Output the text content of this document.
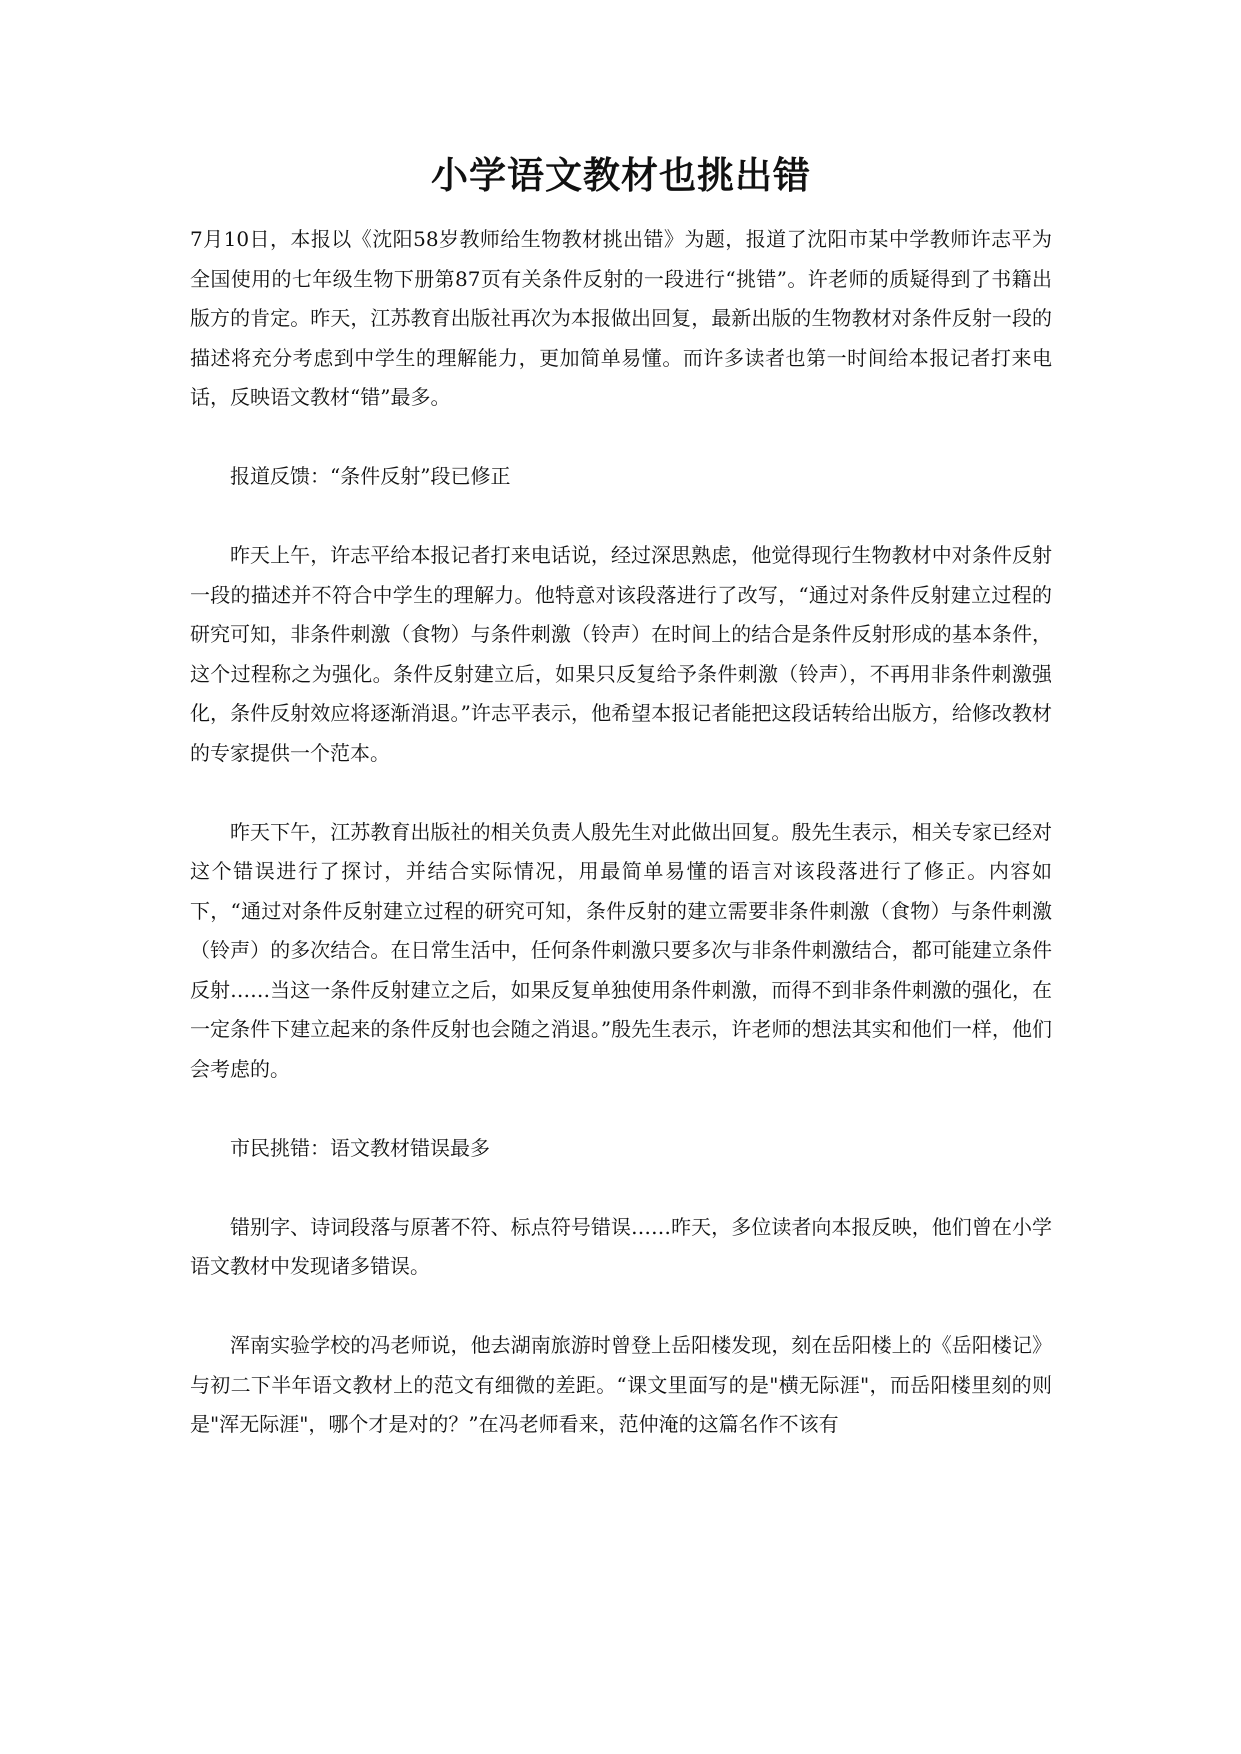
小学语文教材也挑出错

7月10日，本报以《沈阳58岁教师给生物教材挑出错》为题，报道了沈阳市某中学教师许志平为全国使用的七年级生物下册第87页有关条件反射的一段进行“挑错”。许老师的质疑得到了书籍出版方的肯定。昨天，江苏教育出版社再次为本报做出回复，最新出版的生物教材对条件反射一段的描述将充分考虑到中学生的理解能力，更加简单易懂。而许多读者也第一时间给本报记者打来电话，反映语文教材“错”最多。

报道反馈：“条件反射”段已修正

昨天上午，许志平给本报记者打来电话说，经过深思熟虑，他觉得现行生物教材中对条件反射一段的描述并不符合中学生的理解力。他特意对该段落进行了改写，“通过对条件反射建立过程的研究可知，非条件刺激（食物）与条件刺激（铃声）在时间上的结合是条件反射形成的基本条件，这个过程称之为强化。条件反射建立后，如果只反复给予条件刺激（铃声），不再用非条件刺激强化，条件反射效应将逐渐消退。”许志平表示，他希望本报记者能把这段话转给出版方，给修改教材的专家提供一个范本。

昨天下午，江苏教育出版社的相关负责人殷先生对此做出回复。殷先生表示，相关专家已经对这个错误进行了探讨，并结合实际情况，用最简单易懂的语言对该段落进行了修正。内容如下，“通过对条件反射建立过程的研究可知，条件反射的建立需要非条件刺激（食物）与条件刺激（铃声）的多次结合。在日常生活中，任何条件刺激只要多次与非条件刺激结合，都可能建立条件反射……当这一条件反射建立之后，如果反复单独使用条件刺激，而得不到非条件刺激的强化，在一定条件下建立起来的条件反射也会随之消退。”殷先生表示，许老师的想法其实和他们一样，他们会考虑的。

市民挑错：语文教材错误最多

错别字、诗词段落与原著不符、标点符号错误……昨天，多位读者向本报反映，他们曾在小学语文教材中发现诸多错误。

浑南实验学校的冯老师说，他去湖南旅游时曾登上岳阳楼发现，刻在岳阳楼上的《岳阳楼记》与初二下半年语文教材上的范文有细微的差距。“课文里面写的是"横无际涯"，而岳阳楼里刻的则是"浑无际涯"，哪个才是对的？”在冯老师看来，范仲淹的这篇名作不该有
